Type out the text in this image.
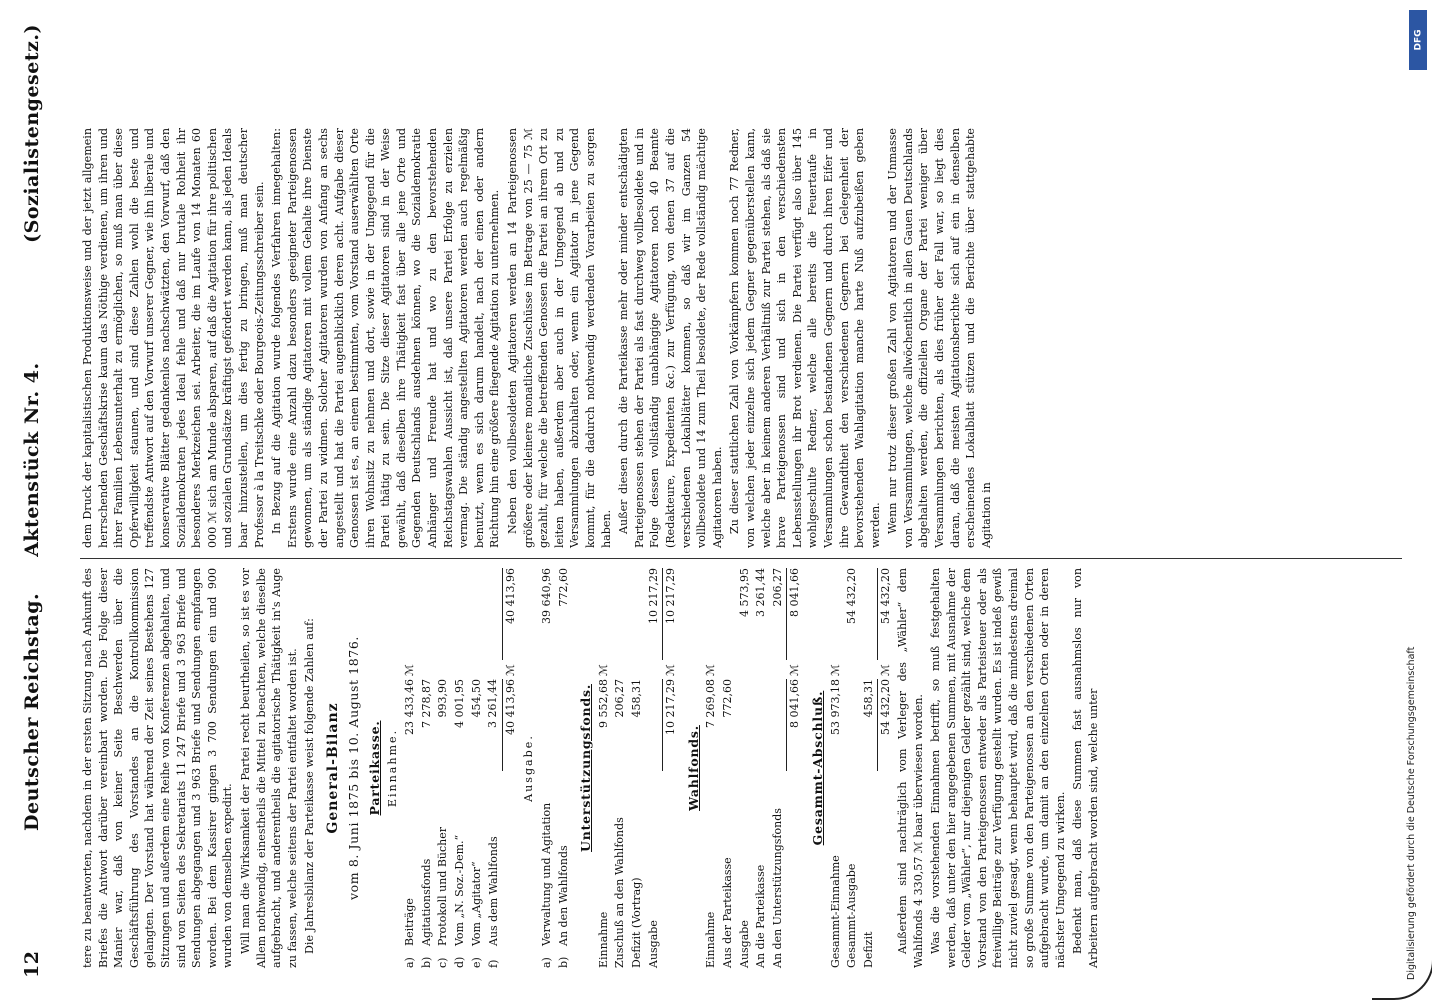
12
Deutscher Reichstag.
Aktenstück Nr. 4.
(Sozialistengesetz.)

tere zu beantworten, nachdem in der ersten Sitzung nach Ankunft des Briefes die Antwort darüber vereinbart worden. Die Folge dieser Manier war, daß von keiner Seite Beschwerden über die Geschäftsführung des Vorstandes an die Kontrollkommission gelangten. Der Vorstand hat während der Zeit seines Bestehens 127 Sitzungen und außerdem eine Reihe von Konferenzen abgehalten, und sind von Seiten des Sekretariats 11 247 Briefe und 3 963 Briefe und Sendungen abgegangen und 3 963 Briefe und Sendungen empfangen worden. Bei dem Kassirer gingen 3 700 Sendungen ein und 900 wurden von demselben expedirt. Will man die Wirksamkeit der Partei recht beurtheilen, so ist es vor Allem nothwendig, einestheils die Mittel zu beachten, welche dieselbe aufgebracht, und anderentheils die agitatorische Thätigkeit in's Auge zu fassen, welche seitens der Partei entfaltet worden ist. Die Jahresbilanz der Parteikasse weist folgende Zahlen auf: General-Bilanz vom 8. Juni 1875 bis 10. August 1876. Parteikasse. Einnahme.
a)	Beiträge	23 433,46	ℳ	
b)	Agitationsfonds	7 278,87		
c)	Protokoll und Bücher	993,90		
d)	Vom „N. Soz.-Dem.“	4 001,95		
e)	Vom „Agitator“	454,50		
f)	Aus dem Wahlfonds	3 261,44		
		40 413,96	ℳ	40 413,96
Ausgabe.
a)	Verwaltung und Agitation			39 640,96
b)	An den Wahlfonds			772,60
Unterstützungsfonds.
Einnahme	9 552,68	ℳ	
Zuschuß an den Wahlfonds	206,27		
Defizit (Vortrag)	458,31		
Ausgabe			10 217,29
	10 217,29	ℳ	10 217,29
Wahlfonds.
Einnahme	7 269,08	ℳ	
Aus der Parteikasse	772,60		
Ausgabe			4 573,95
An die Parteikasse			3 261,44
An den Unterstützungsfonds			206,27
	8 041,66	ℳ	8 041,66
Gesammt-Abschluß.
Gesammt-Einnahme	53 973,18	ℳ	
Gesammt-Ausgabe			54 432,20
Defizit	458,31		
	54 432,20	ℳ	54 432,20 Außerdem sind nachträglich vom Verleger des „Wähler“ dem Wahlfonds 4 330,57 ℳ baar überwiesen worden. Was die vorstehenden Einnahmen betrifft, so muß festgehalten werden, daß unter den hier angegebenen Summen, mit Ausnahme der Gelder vom „Wähler“, nur diejenigen Gelder gezählt sind, welche dem Vorstand von den Parteigenossen entweder als Parteisteuer oder als freiwillige Beiträge zur Verfügung gestellt wurden. Es ist indeß gewiß nicht zuviel gesagt, wenn behauptet wird, daß die mindestens dreimal so große Summe von den Parteigenossen an den verschiedenen Orten aufgebracht wurde, um damit an den einzelnen Orten oder in deren nächster Umgegend zu wirken. Bedenkt man, daß diese Summen fast ausnahmslos nur von Arbeitern aufgebracht worden sind, welche unter

dem Druck der kapitalistischen Produktionsweise und der jetzt allgemein herrschenden Geschäftskrise kaum das Nöthige verdienen, um ihren und ihrer Familien Lebensunterhalt zu ermöglichen, so muß man über diese Opferwilligkeit staunen, und sind diese Zahlen wohl die beste und treffendste Antwort auf den Vorwurf unserer Gegner, wie ihn liberale und konservative Blätter gedankenlos nachschwätzten, den Vorwurf, daß den Sozialdemokraten jedes Ideal fehle und daß nur brutale Rohheit ihr besonderes Merkzeichen sei. Arbeiter, die im Laufe von 14 Monaten 60 000 ℳ sich am Munde absparen, auf daß die Agitation für ihre politischen und sozialen Grundsätze kräftigst gefördert werden kann, als jeden Ideals baar hinzustellen, um dies fertig zu bringen, muß man deutscher Professor à la Treitschke oder Bourgeois-Zeitungsschreiber sein. In Bezug auf die Agitation wurde folgendes Verfahren innegehalten: Erstens wurde eine Anzahl dazu besonders geeigneter Parteigenossen gewonnen, um als ständige Agitatoren mit vollem Gehalte ihre Dienste der Partei zu widmen. Solcher Agitatoren wurden von Anfang an sechs angestellt und hat die Partei augenblicklich deren acht. Aufgabe dieser Genossen ist es, an einem bestimmten, vom Vorstand auserwählten Orte ihren Wohnsitz zu nehmen und dort, sowie in der Umgegend für die Partei thätig zu sein. Die Sitze dieser Agitatoren sind in der Weise gewählt, daß dieselben ihre Thätigkeit fast über alle jene Orte und Gegenden Deutschlands ausdehnen können, wo die Sozialdemokratie Anhänger und Freunde hat und wo zu den bevorstehenden Reichstagswahlen Aussicht ist, daß unsere Partei Erfolge zu erzielen vermag. Die ständig angestellten Agitatoren werden auch regelmäßig benutzt, wenn es sich darum handelt, nach der einen oder andern Richtung hin eine größere fliegende Agitation zu unternehmen. Neben den vollbesoldeten Agitatoren werden an 14 Parteigenossen größere oder kleinere monatliche Zuschüsse im Betrage von 25 — 75 ℳ gezahlt, für welche die betreffenden Genossen die Partei an ihrem Ort zu leiten haben, außerdem aber auch in der Umgegend ab und zu Versammlungen abzuhalten oder, wenn ein Agitator in jene Gegend kommt, für die dadurch nothwendig werdenden Vorarbeiten zu sorgen haben. Außer diesen durch die Parteikasse mehr oder minder entschädigten Parteigenossen stehen der Partei als fast durchweg vollbesoldete und in Folge dessen vollständig unabhängige Agitatoren noch 40 Beamte (Redakteure, Expedienten &c.) zur Verfügung, von denen 37 auf die verschiedenen Lokalblätter kommen, so daß wir im Ganzen 54 vollbesoldete und 14 zum Theil besoldete, der Rede vollständig mächtige Agitatoren haben. Zu dieser stattlichen Zahl von Vorkämpfern kommen noch 77 Redner, von welchen jeder einzelne sich jedem Gegner gegenüberstellen kann, welche aber in keinem anderen Verhältniß zur Partei stehen, als daß sie brave Parteigenossen sind und sich in den verschiedensten Lebensstellungen ihr Brot verdienen. Die Partei verfügt also über 145 wohlgeschulte Redner, welche alle bereits die Feuertaufe in Versammlungen schon bestandenen Gegnern und durch ihren Eifer und ihre Gewandtheit den verschiedenen Gegnern bei Gelegenheit der bevorstehenden Wahlagitation manche harte Nuß aufzubeißen geben werden. Wenn nur trotz dieser großen Zahl von Agitatoren und der Unmasse von Versammlungen, welche allwöchentlich in allen Gauen Deutschlands abgehalten werden, die offiziellen Organe der Partei weniger über Versammlungen berichten, als dies früher der Fall war, so liegt dies daran, daß die meisten Agitationsberichte sich auf ein in denselben erscheinendes Lokalblatt stützen und die Berichte über stattgehabte Agitation in

DFG
Digitalisierung gefördert durch die Deutsche Forschungsgemeinschaft
